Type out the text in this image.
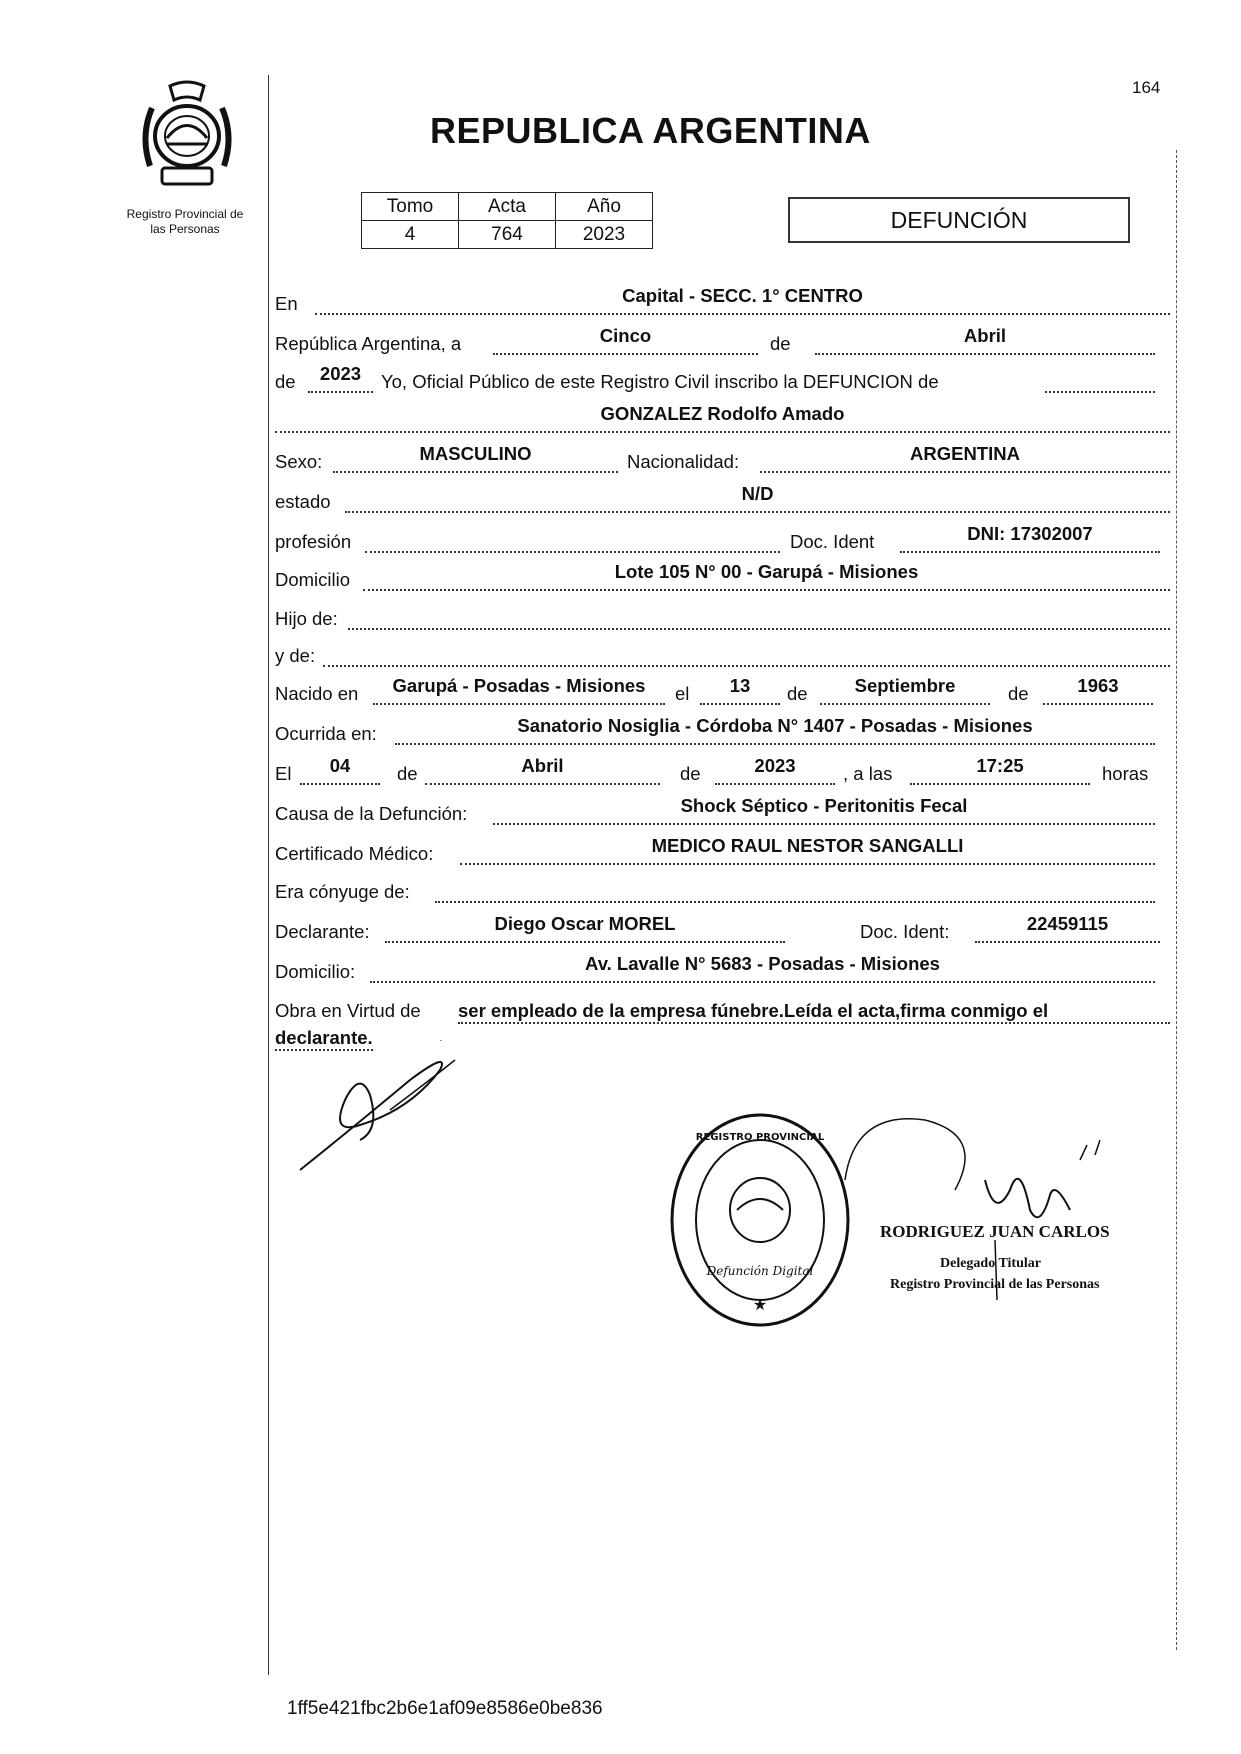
164
Registro Provincial de
las Personas
REPUBLICA ARGENTINA
Tomo	Acta	Año
4	764	2023
DEFUNCIÓN
En	Capital - SECC. 1° CENTRO
República Argentina, a	Cinco	de	Abril
de	2023	Yo, Oficial Público de este Registro Civil inscribo la DEFUNCION de
GONZALEZ Rodolfo Amado
Sexo:	MASCULINO	Nacionalidad:	ARGENTINA
estado	N/D
profesión	Doc. Ident	DNI: 17302007
Domicilio	Lote 105 N° 00 - Garupá - Misiones
Hijo de:
y de:
Nacido en	Garupá - Posadas - Misiones	el	13	de	Septiembre	de	1963
Ocurrida en:	Sanatorio Nosiglia - Córdoba N° 1407 - Posadas - Misiones
El	04	de	Abril	de	2023	, a las	17:25	horas
Causa de la Defunción:	Shock Séptico - Peritonitis Fecal
Certificado Médico:	MEDICO RAUL NESTOR SANGALLI
Era cónyuge de:
Declarante:	Diego Oscar MOREL	Doc. Ident:	22459115
Domicilio:	Av. Lavalle N° 5683 - Posadas - Misiones
Obra en Virtud de ser empleado de la empresa fúnebre.Leída el acta,firma conmigo el
declarante.
REGISTRO PROVINCIAL
Defunción Digital
★
RODRIGUEZ JUAN CARLOS
Delegado Titular
Registro Provincial de las Personas
1ff5e421fbc2b6e1af09e8586e0be836
